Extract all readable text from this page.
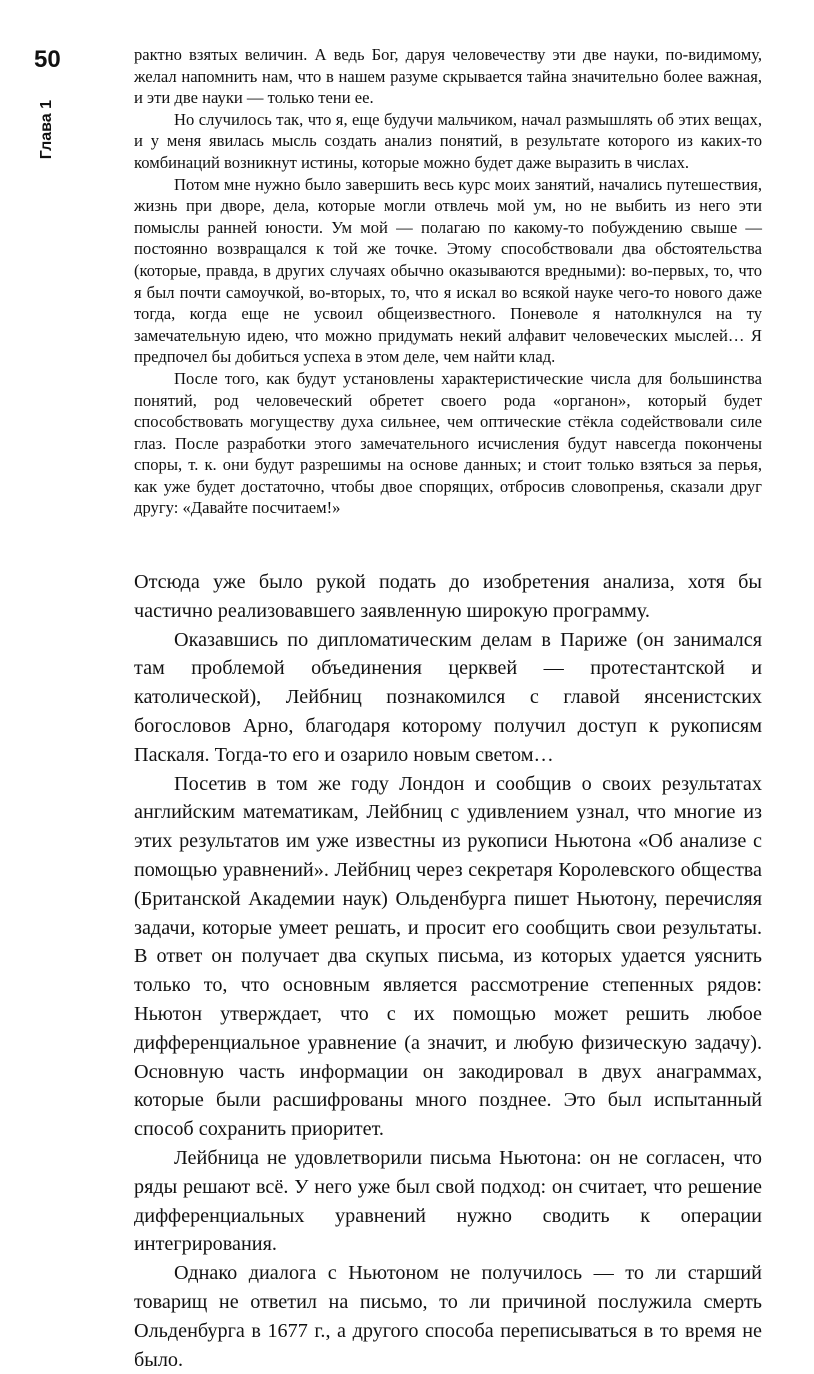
50
Глава 1

рактно взятых величин. А ведь Бог, даруя человечеству эти две науки, по-видимому, желал напомнить нам, что в нашем разуме скрывается тайна значительно более важная, и эти две науки — только тени ее.

Но случилось так, что я, еще будучи мальчиком, начал размышлять об этих вещах, и у меня явилась мысль создать анализ понятий, в результате которого из каких-то комбинаций возникнут истины, которые можно будет даже выразить в числах.

Потом мне нужно было завершить весь курс моих занятий, начались путешествия, жизнь при дворе, дела, которые могли отвлечь мой ум, но не выбить из него эти помыслы ранней юности. Ум мой — полагаю по какому-то побуждению свыше — постоянно возвращался к той же точке. Этому способствовали два обстоятельства (которые, правда, в других случаях обычно оказываются вредными): во-первых, то, что я был почти самоучкой, во-вторых, то, что я искал во всякой науке чего-то нового даже тогда, когда еще не усвоил общеизвестного. Поневоле я натолкнулся на ту замечательную идею, что можно придумать некий алфавит человеческих мыслей… Я предпочел бы добиться успеха в этом деле, чем найти клад.

После того, как будут установлены характеристические числа для большинства понятий, род человеческий обретет своего рода «органон», который будет способствовать могуществу духа сильнее, чем оптические стёкла содействовали силе глаз. После разработки этого замечательного исчисления будут навсегда покончены споры, т. к. они будут разрешимы на основе данных; и стоит только взяться за перья, как уже будет достаточно, чтобы двое спорящих, отбросив словопренья, сказали друг другу: «Давайте посчитаем!»

Отсюда уже было рукой подать до изобретения анализа, хотя бы частично реализовавшего заявленную широкую программу.

Оказавшись по дипломатическим делам в Париже (он занимался там проблемой объединения церквей — протестантской и католической), Лейбниц познакомился с главой янсенистских богословов Арно, благодаря которому получил доступ к рукописям Паскаля. Тогда-то его и озарило новым светом…

Посетив в том же году Лондон и сообщив о своих результатах английским математикам, Лейбниц с удивлением узнал, что многие из этих результатов им уже известны из рукописи Ньютона «Об анализе с помощью уравнений». Лейбниц через секретаря Королевского общества (Британской Академии наук) Ольденбурга пишет Ньютону, перечисляя задачи, которые умеет решать, и просит его сообщить свои результаты. В ответ он получает два скупых письма, из которых удается уяснить только то, что основным является рассмотрение степенных рядов: Ньютон утверждает, что с их помощью может решить любое дифференциальное уравнение (а значит, и любую физическую задачу). Основную часть информации он закодировал в двух анаграммах, которые были расшифрованы много позднее. Это был испытанный способ сохранить приоритет.

Лейбница не удовлетворили письма Ньютона: он не согласен, что ряды решают всё. У него уже был свой подход: он считает, что решение дифференциальных уравнений нужно сводить к операции интегрирования.

Однако диалога с Ньютоном не получилось — то ли старший товарищ не ответил на письмо, то ли причиной послужила смерть Ольденбурга в 1677 г., а другого способа переписываться в то время не было.
